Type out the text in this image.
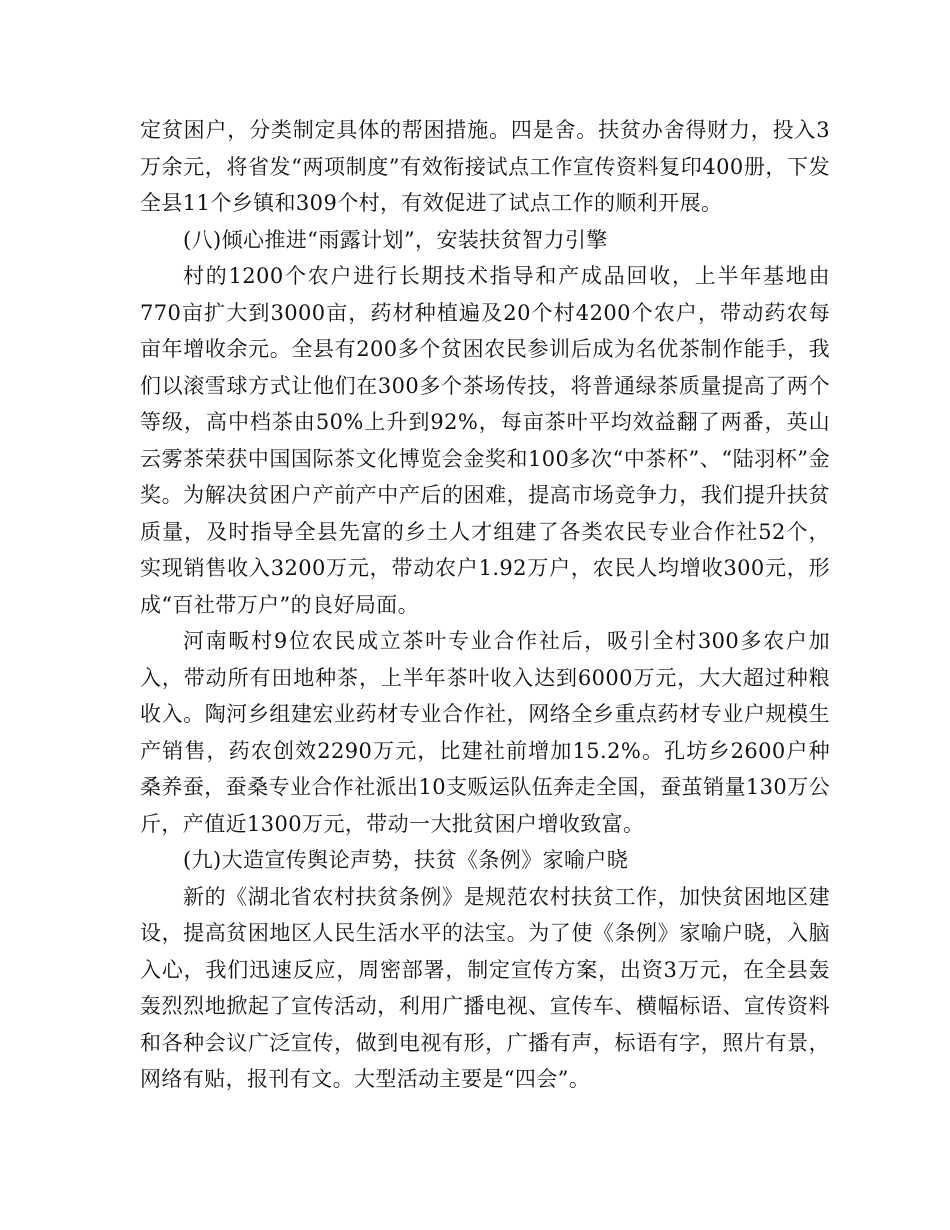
定贫困户，分类制定具体的帮困措施。四是舍。扶贫办舍得财力，投入3万余元，将省发“两项制度”有效衔接试点工作宣传资料复印400册，下发全县11个乡镇和309个村，有效促进了试点工作的顺利开展。

(八)倾心推进“雨露计划”，安装扶贫智力引擎

村的1200个农户进行长期技术指导和产成品回收，上半年基地由770亩扩大到3000亩，药材种植遍及20个村4200个农户，带动药农每亩年增收余元。全县有200多个贫困农民参训后成为名优茶制作能手，我们以滚雪球方式让他们在300多个茶场传技，将普通绿茶质量提高了两个等级，高中档茶由50%上升到92%，每亩茶叶平均效益翻了两番，英山云雾茶荣获中国国际茶文化博览会金奖和100多次“中茶杯”、“陆羽杯”金奖。为解决贫困户产前产中产后的困难，提高市场竞争力，我们提升扶贫质量，及时指导全县先富的乡土人才组建了各类农民专业合作社52个，实现销售收入3200万元，带动农户1.92万户，农民人均增收300元，形成“百社带万户”的良好局面。

河南畈村9位农民成立茶叶专业合作社后，吸引全村300多农户加入，带动所有田地种茶，上半年茶叶收入达到6000万元，大大超过种粮收入。陶河乡组建宏业药材专业合作社，网络全乡重点药材专业户规模生产销售，药农创效2290万元，比建社前增加15.2%。孔坊乡2600户种桑养蚕，蚕桑专业合作社派出10支贩运队伍奔走全国，蚕茧销量130万公斤，产值近1300万元，带动一大批贫困户增收致富。

(九)大造宣传舆论声势，扶贫《条例》家喻户晓

新的《湖北省农村扶贫条例》是规范农村扶贫工作，加快贫困地区建设，提高贫困地区人民生活水平的法宝。为了使《条例》家喻户晓，入脑入心，我们迅速反应，周密部署，制定宣传方案，出资3万元，在全县轰轰烈烈地掀起了宣传活动，利用广播电视、宣传车、横幅标语、宣传资料和各种会议广泛宣传，做到电视有形，广播有声，标语有字，照片有景，网络有贴，报刊有文。大型活动主要是“四会”。
